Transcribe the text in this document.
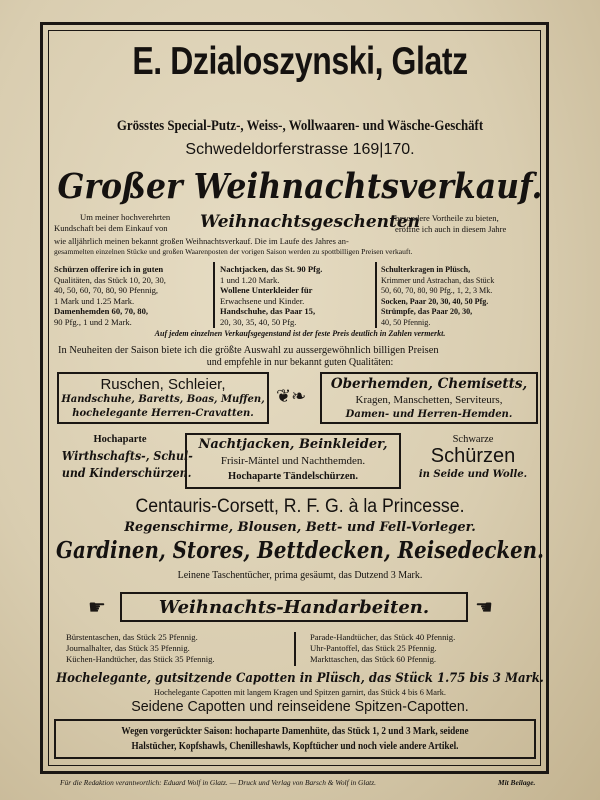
E. Dzialoszynski, Glatz
Grösstes Special-Putz-, Weiss-, Wollwaaren- und Wäsche-Geschäft
Schwedeldorferstrasse 169|170.
Großer Weihnachtsverkauf.
Um meiner hochverehrten Weihnachtsgeschenten
besondere Vortheile zu bieten,
Kundschaft bei dem Einkauf von	eröffne ich auch in diesem Jahre
wie alljährlich meinen bekannt großen Weihnachtsverkauf. Die im Laufe des Jahres an-
gesammelten einzelnen Stücke und großen Waarenposten der vorigen Saison werden zu spottbilligen Preisen verkauft.
Schürzen offerire ich in guten
Qualitäten, das Stück 10, 20, 30,
40, 50, 60, 70, 80, 90 Pfennig,
1 Mark und 1.25 Mark.
Damenhemden 60, 70, 80,
90 Pfg., 1 und 2 Mark.
Nachtjacken, das St. 90 Pfg.
1 und 1.20 Mark.
Wollene Unterkleider für
Erwachsene und Kinder.
Handschuhe, das Paar 15,
20, 30, 35, 40, 50 Pfg.
Schulterkragen in Plüsch,
Krimmer und Astrachan, das Stück
50, 60, 70, 80, 90 Pfg., 1, 2, 3 Mk.
Socken, Paar 20, 30, 40, 50 Pfg.
Strümpfe, das Paar 20, 30,
40, 50 Pfennig.
Auf jedem einzelnen Verkaufsgegenstand ist der feste Preis deutlich in Zahlen vermerkt.
In Neuheiten der Saison biete ich die größte Auswahl zu aussergewöhnlich billigen Preisen
und empfehle in nur bekannt guten Qualitäten:
Ruschen, Schleier,
Handschuhe, Baretts, Boas, Muffen,
hochelegante Herren-Cravatten.
❦❧
Oberhemden, Chemisetts,
Kragen, Manschetten, Serviteurs,
Damen- und Herren-Hemden.
Hochaparte
Wirthschafts-, Schul-
und Kinderschürzen.
Nachtjacken, Beinkleider,
Frisir-Mäntel und Nachthemden.
Hochaparte Tändelschürzen.
Schwarze
Schürzen
in Seide und Wolle.
Centauris-Corsett, R. F. G. à la Princesse.
Regenschirme, Blousen, Bett- und Fell-Vorleger.
Gardinen, Stores, Bettdecken, Reisedecken.
Leinene Taschentücher, prima gesäumt, das Dutzend 3 Mark.
☛	Weihnachts-Handarbeiten.	☛
Bürstentaschen, das Stück 25 Pfennig.
Journalhalter, das Stück 35 Pfennig.
Küchen-Handtücher, das Stück 35 Pfennig.
Parade-Handtücher, das Stück 40 Pfennig.
Uhr-Pantoffel, das Stück 25 Pfennig.
Markttaschen, das Stück 60 Pfennig.
Hochelegante, gutsitzende Capotten in Plüsch, das Stück 1.75 bis 3 Mark.
Hochelegante Capotten mit langem Kragen und Spitzen garnirt, das Stück 4 bis 6 Mark.
Seidene Capotten und reinseidene Spitzen-Capotten.
Wegen vorgerückter Saison: hochaparte Damenhüte, das Stück 1, 2 und 3 Mark, seidene
Halstücher, Kopfshawls, Chenilleshawls, Kopftücher und noch viele andere Artikel.
Für die Redaktion verantwortlich: Eduard Wolf in Glatz. — Druck und Verlag von Barsch & Wolf in Glatz.	Mit Beilage.
